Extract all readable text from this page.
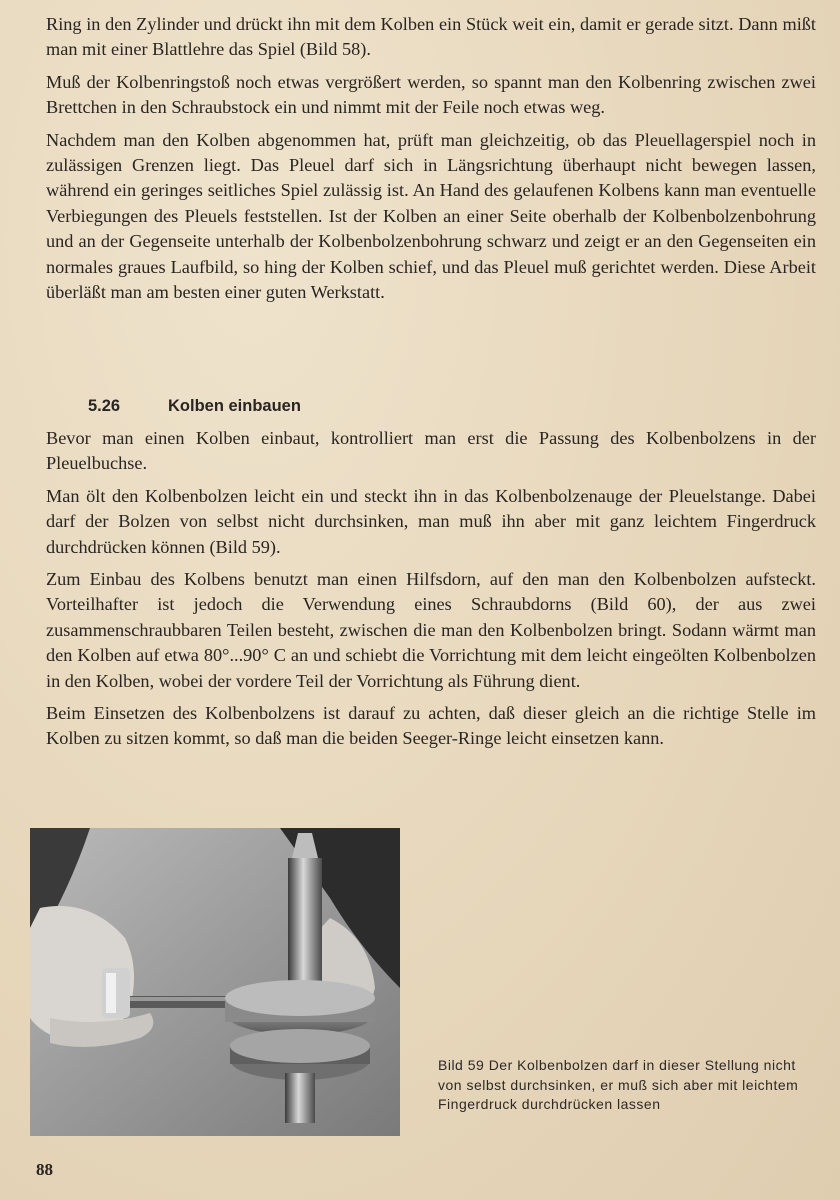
Ring in den Zylinder und drückt ihn mit dem Kolben ein Stück weit ein, damit er gerade sitzt. Dann mißt man mit einer Blattlehre das Spiel (Bild 58).

Muß der Kolbenringstoß noch etwas vergrößert werden, so spannt man den Kolbenring zwischen zwei Brettchen in den Schraubstock ein und nimmt mit der Feile noch etwas weg.

Nachdem man den Kolben abgenommen hat, prüft man gleichzeitig, ob das Pleuellagerspiel noch in zulässigen Grenzen liegt. Das Pleuel darf sich in Längsrichtung überhaupt nicht bewegen lassen, während ein geringes seitliches Spiel zulässig ist. An Hand des gelaufenen Kolbens kann man eventuelle Verbiegungen des Pleuels feststellen. Ist der Kolben an einer Seite oberhalb der Kolbenbolzenbohrung und an der Gegenseite unterhalb der Kolbenbolzenbohrung schwarz und zeigt er an den Gegenseiten ein normales graues Laufbild, so hing der Kolben schief, und das Pleuel muß gerichtet werden. Diese Arbeit überläßt man am besten einer guten Werkstatt.

5.26	Kolben einbauen

Bevor man einen Kolben einbaut, kontrolliert man erst die Passung des Kolbenbolzens in der Pleuelbuchse.

Man ölt den Kolbenbolzen leicht ein und steckt ihn in das Kolbenbolzenauge der Pleuelstange. Dabei darf der Bolzen von selbst nicht durchsinken, man muß ihn aber mit ganz leichtem Fingerdruck durchdrücken können (Bild 59).

Zum Einbau des Kolbens benutzt man einen Hilfsdorn, auf den man den Kolbenbolzen aufsteckt. Vorteilhafter ist jedoch die Verwendung eines Schraubdorns (Bild 60), der aus zwei zusammenschraubbaren Teilen besteht, zwischen die man den Kolbenbolzen bringt. Sodann wärmt man den Kolben auf etwa 80°...90° C an und schiebt die Vorrichtung mit dem leicht eingeölten Kolbenbolzen in den Kolben, wobei der vordere Teil der Vorrichtung als Führung dient.

Beim Einsetzen des Kolbenbolzens ist darauf zu achten, daß dieser gleich an die richtige Stelle im Kolben zu sitzen kommt, so daß man die beiden Seeger-Ringe leicht einsetzen kann.

Bild 59 Der Kolbenbolzen darf in dieser Stellung nicht von selbst durchsinken, er muß sich aber mit leichtem Fingerdruck durchdrücken lassen
88
